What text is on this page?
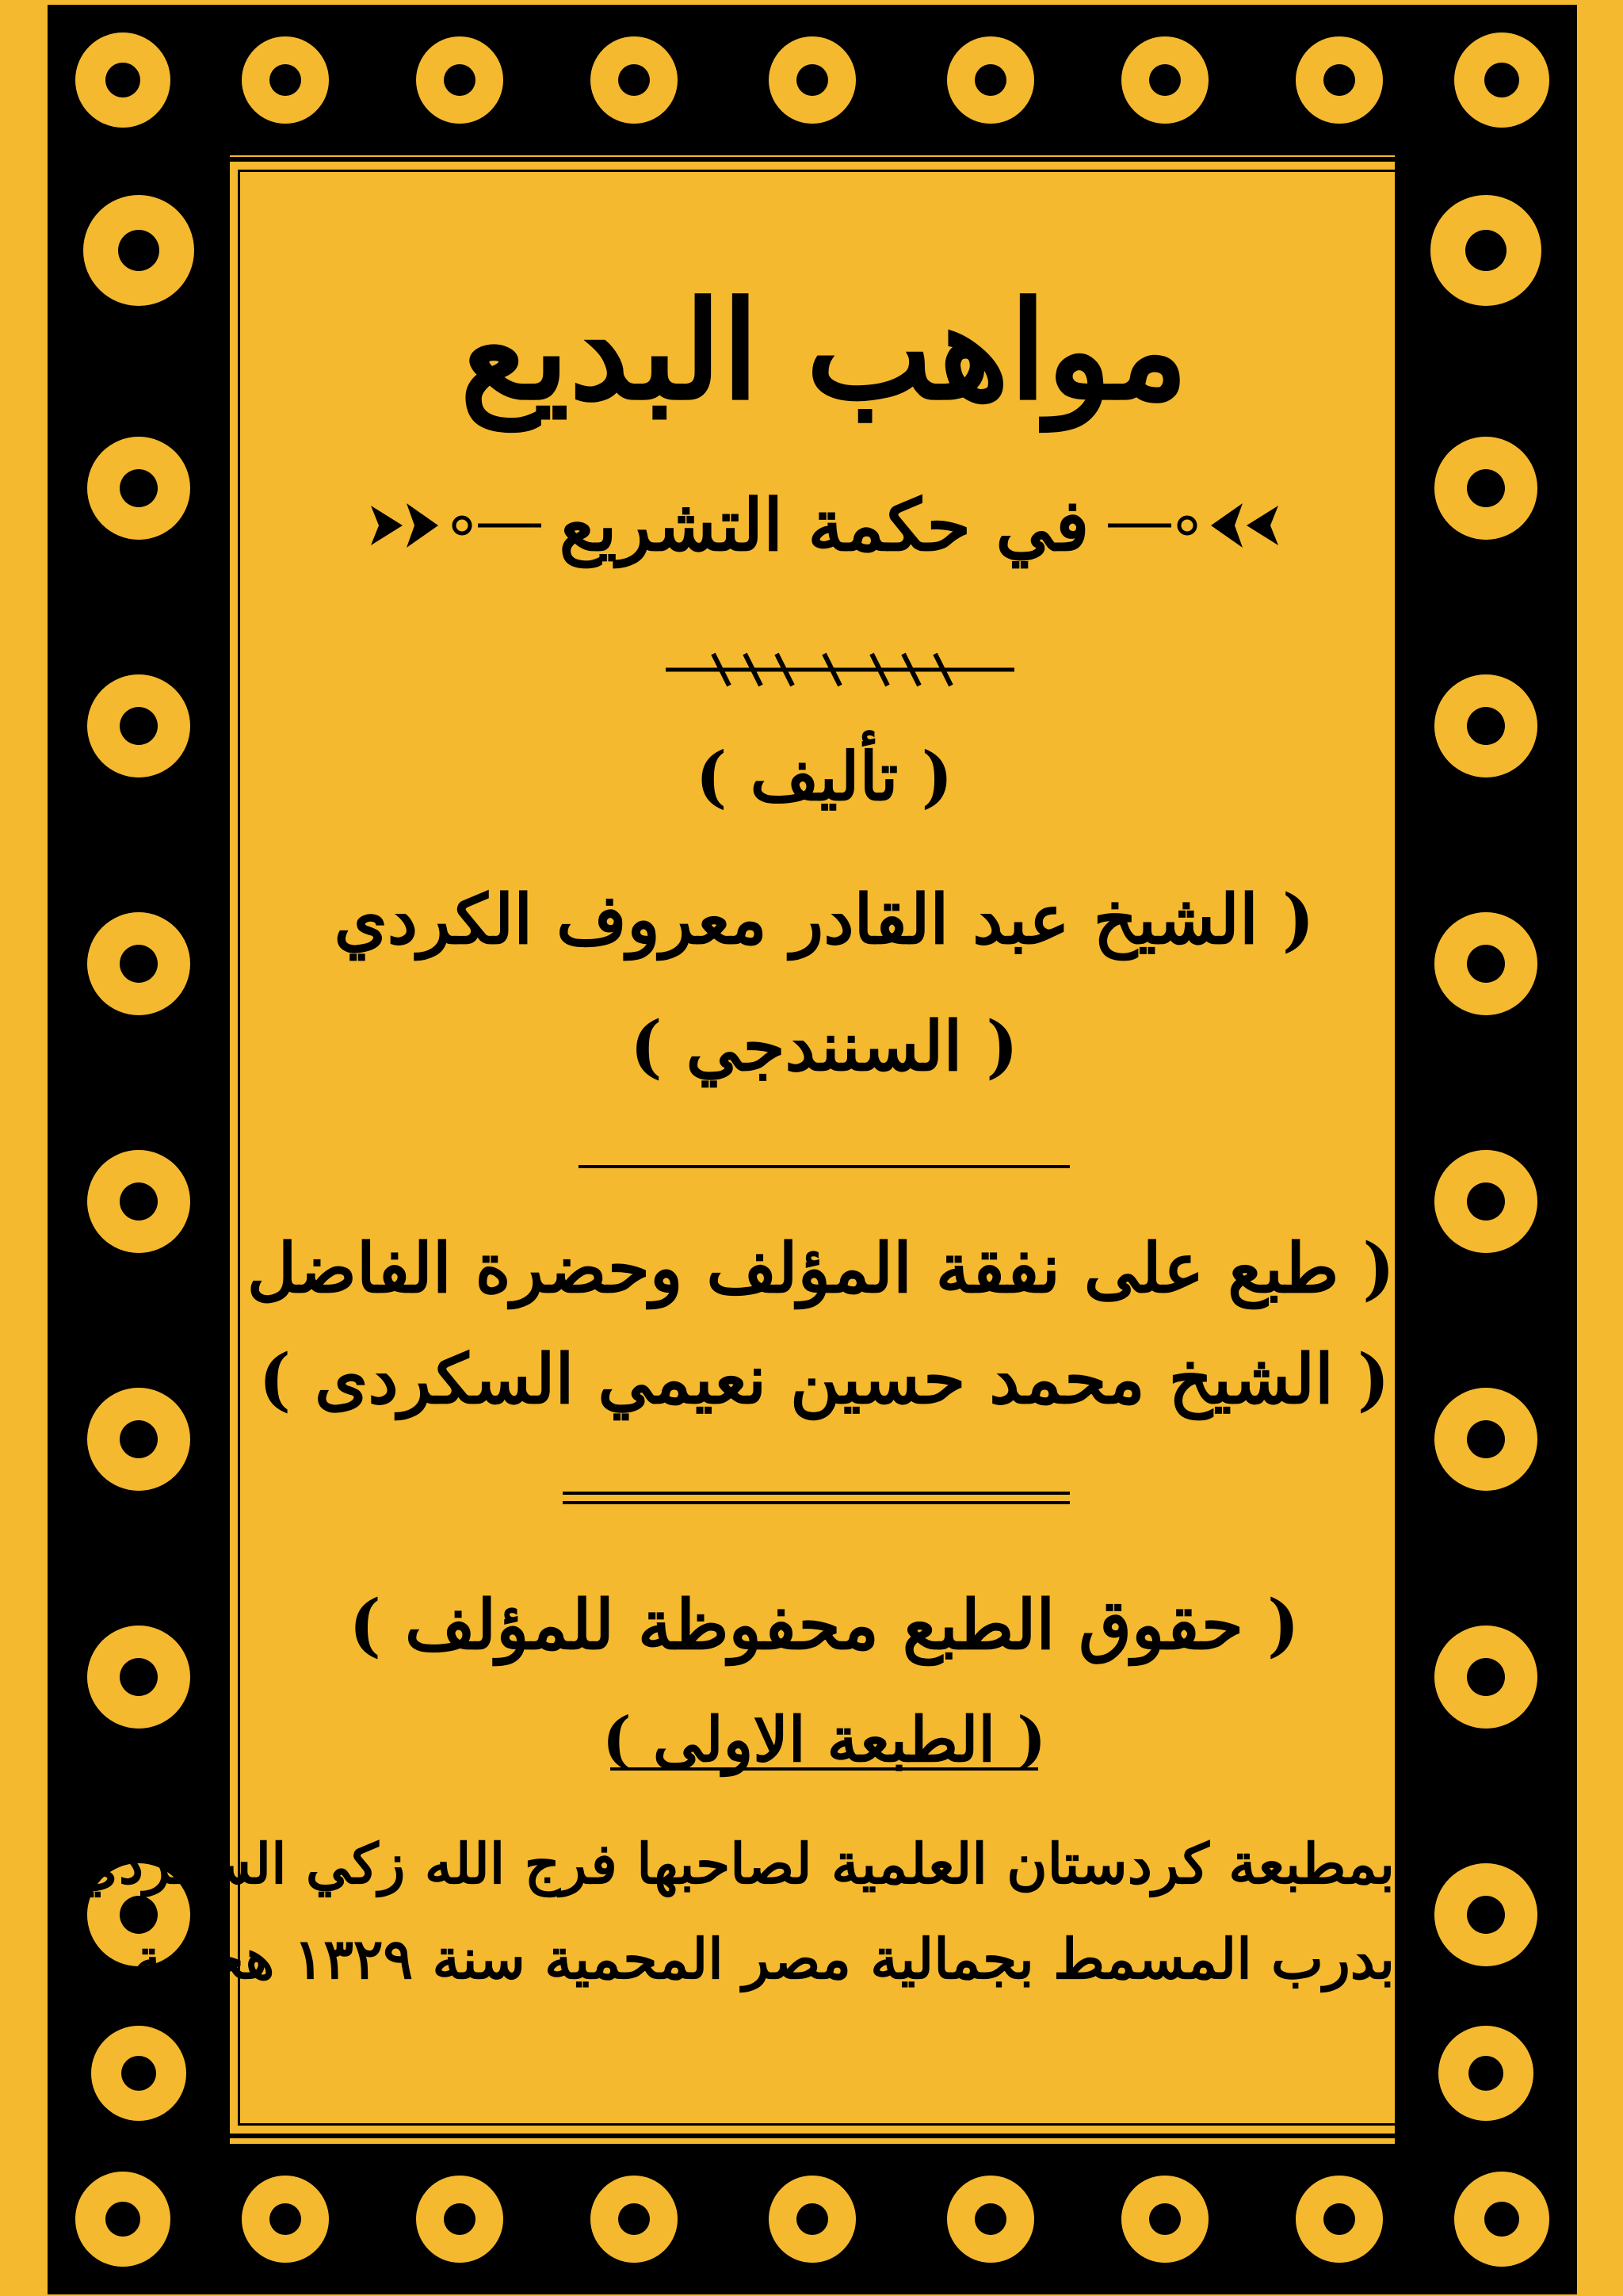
مواهب البديع
في حكمة التشريع
( تأليف )
( الشيخ عبد القادر معروف الكردي
( السنندجي )
( طبع على نفقة المؤلف وحضرة الفاضل )
( الشيخ محمد حسين نعيمي السكردى )
( حقوق الطبع محفوظة للمؤلف )
( الطبعة الاولى )
بمطبعة كردستان العلمية لصاحبها فرج الله زكي السكردي
بدرب المسمط بجمالية مصر المحمية سنة ١٣٢٩ هجرية
